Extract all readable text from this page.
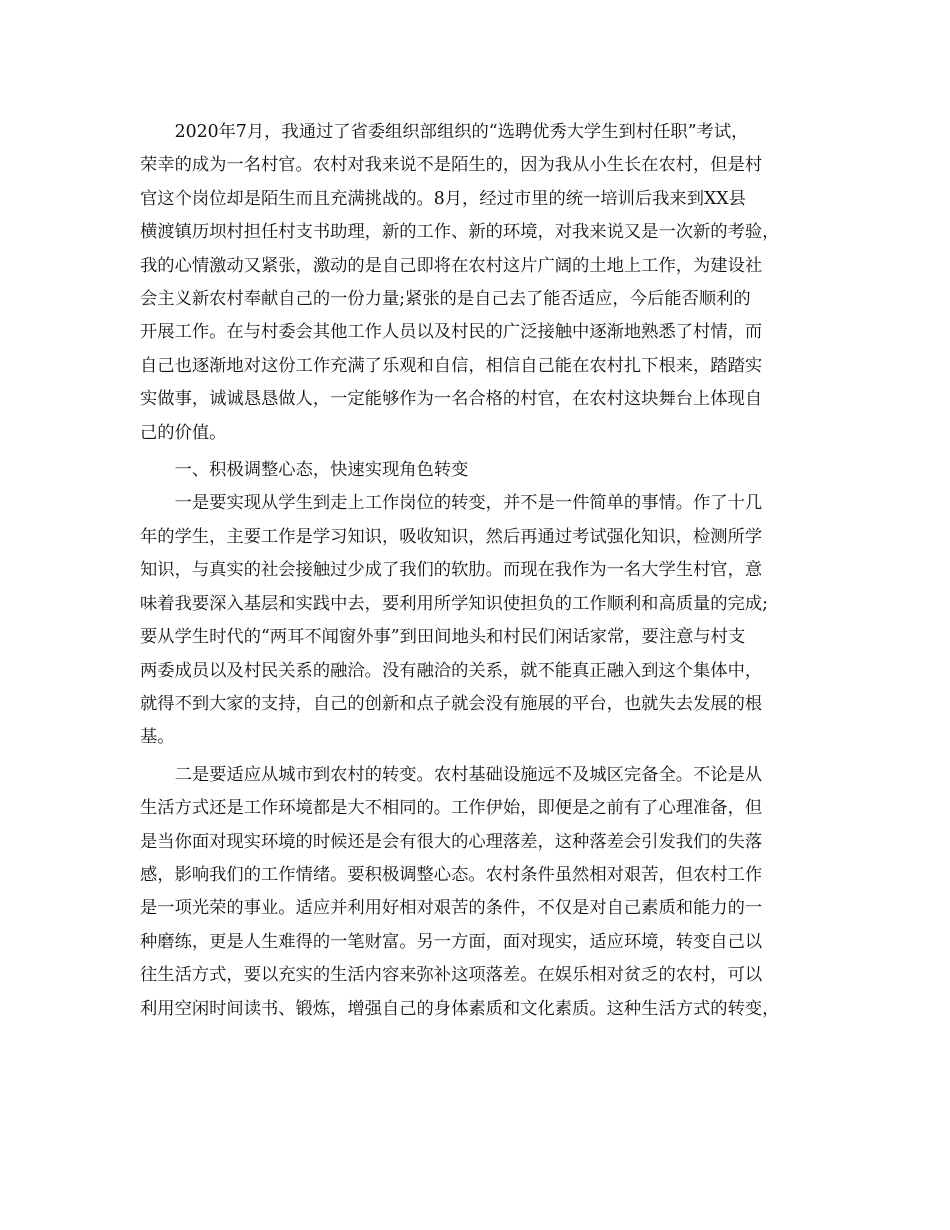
2020年7月，我通过了省委组织部组织的“选聘优秀大学生到村任职”考试，
荣幸的成为一名村官。农村对我来说不是陌生的，因为我从小生长在农村，但是村
官这个岗位却是陌生而且充满挑战的。8月，经过市里的统一培训后我来到XX县
横渡镇历坝村担任村支书助理，新的工作、新的环境，对我来说又是一次新的考验，
我的心情激动又紧张，激动的是自己即将在农村这片广阔的土地上工作，为建设社
会主义新农村奉献自己的一份力量;紧张的是自己去了能否适应，今后能否顺利的
开展工作。在与村委会其他工作人员以及村民的广泛接触中逐渐地熟悉了村情，而
自己也逐渐地对这份工作充满了乐观和自信，相信自己能在农村扎下根来，踏踏实
实做事，诚诚恳恳做人，一定能够作为一名合格的村官，在农村这块舞台上体现自
己的价值。

一、积极调整心态，快速实现角色转变

一是要实现从学生到走上工作岗位的转变，并不是一件简单的事情。作了十几
年的学生，主要工作是学习知识，吸收知识，然后再通过考试强化知识，检测所学
知识，与真实的社会接触过少成了我们的软肋。而现在我作为一名大学生村官，意
味着我要深入基层和实践中去，要利用所学知识使担负的工作顺利和高质量的完成;
要从学生时代的“两耳不闻窗外事”到田间地头和村民们闲话家常，要注意与村支
两委成员以及村民关系的融洽。没有融洽的关系，就不能真正融入到这个集体中，
就得不到大家的支持，自己的创新和点子就会没有施展的平台，也就失去发展的根
基。

二是要适应从城市到农村的转变。农村基础设施远不及城区完备全。不论是从
生活方式还是工作环境都是大不相同的。工作伊始，即便是之前有了心理准备，但
是当你面对现实环境的时候还是会有很大的心理落差，这种落差会引发我们的失落
感，影响我们的工作情绪。要积极调整心态。农村条件虽然相对艰苦，但农村工作
是一项光荣的事业。适应并利用好相对艰苦的条件，不仅是对自己素质和能力的一
种磨练，更是人生难得的一笔财富。另一方面，面对现实，适应环境，转变自己以
往生活方式，要以充实的生活内容来弥补这项落差。在娱乐相对贫乏的农村，可以
利用空闲时间读书、锻炼，增强自己的身体素质和文化素质。这种生活方式的转变，
